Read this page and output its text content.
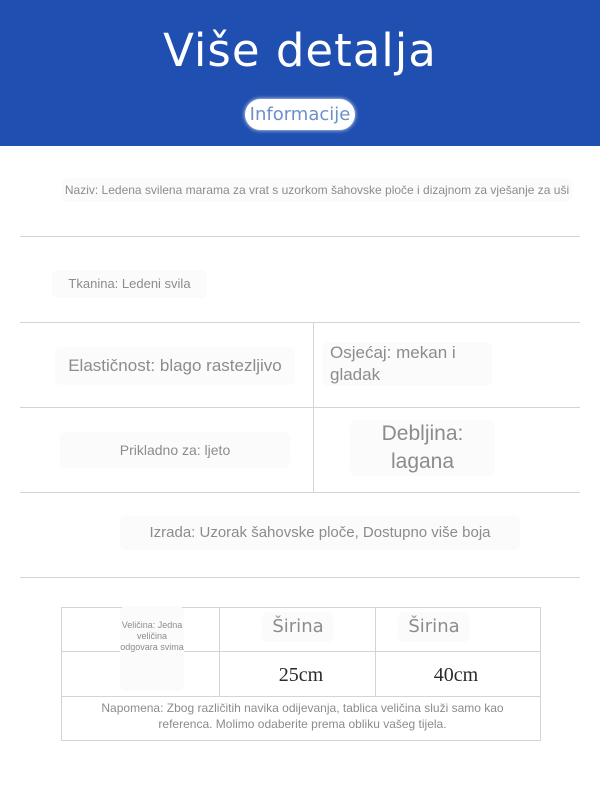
Više detalja
Informacije
Naziv: Ledena svilena marama za vrat s uzorkom šahovske ploče i dizajnom za vješanje za uši
Tkanina: Ledeni svila
Elastičnost: blago rastezljivo
Osjećaj: mekan i gladak
Prikladno za: ljeto
Debljina: lagana
Izrada: Uzorak šahovske ploče, Dostupno više boja
Veličina: Jedna veličina odgovara svima
Širina	Širina
25cm	40cm
Napomena: Zbog različitih navika odijevanja, tablica veličina služi samo kao referenca. Molimo odaberite prema obliku vašeg tijela.
